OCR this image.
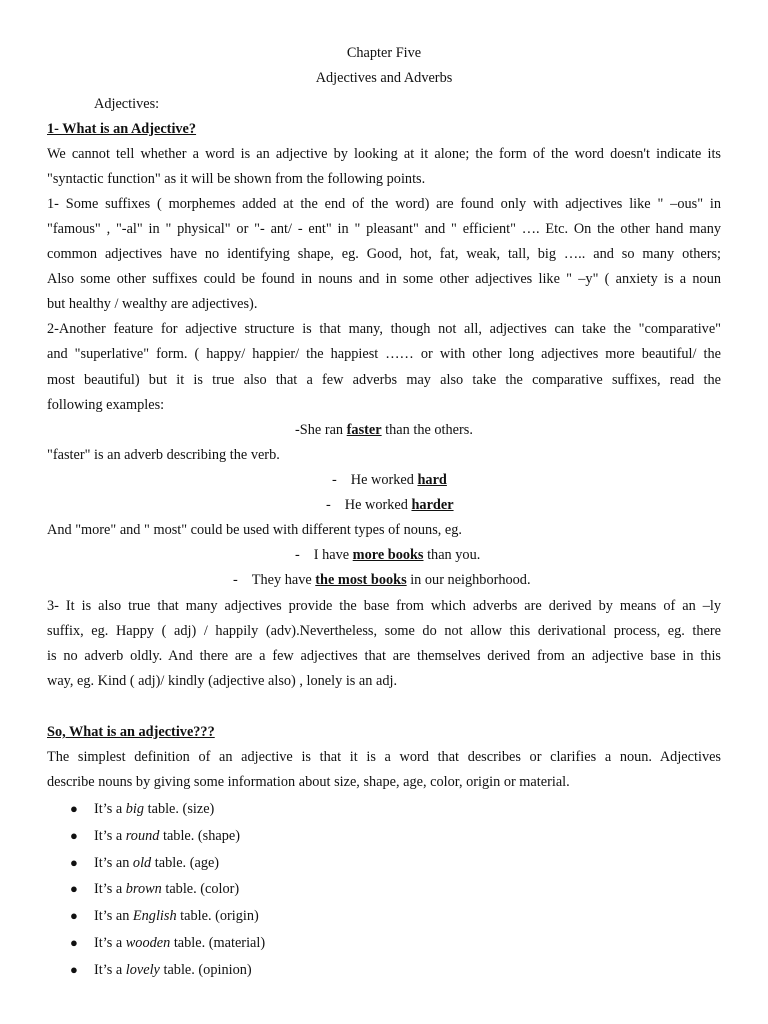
Chapter Five
Adjectives and Adverbs
Adjectives:
1- What is an Adjective?
We cannot tell whether a word is an adjective by looking at it alone; the form of the word doesn't indicate its
"syntactic function" as it will be shown from the following points.
1- Some suffixes ( morphemes added at the end of the word) are found only with adjectives like " –ous" in
"famous" , "-al" in " physical" or "- ant/ - ent" in " pleasant" and " efficient" …. Etc. On the other hand many
common adjectives have no identifying shape, eg. Good, hot, fat, weak, tall, big ….. and so many others;
Also some other suffixes could be found in nouns and in some other adjectives like " –y" ( anxiety is a noun
but healthy / wealthy are adjectives).
2-Another feature for adjective structure is that many, though not all, adjectives can take the "comparative"
and "superlative" form. ( happy/ happier/ the happiest …… or with other long adjectives more beautiful/ the
most beautiful) but it is true also that a few adverbs may also take the comparative suffixes, read the
following examples:
-She ran faster than the others.
"faster" is an adverb describing the verb.
- He worked hard
- He worked harder
And "more" and " most" could be used with different types of nouns, eg.
- I have more books than you.
- They have the most books in our neighborhood.
3- It is also true that many adjectives provide the base from which adverbs are derived by means of an –ly
suffix, eg. Happy ( adj) / happily (adv).Nevertheless, some do not allow this derivational process, eg. there
is no adverb oldly. And there are a few adjectives that are themselves derived from an adjective base in this
way, eg. Kind ( adj)/ kindly (adjective also) , lonely is an adj.
So, What is an adjective???
The simplest definition of an adjective is that it is a word that describes or clarifies a noun. Adjectives
describe nouns by giving some information about size, shape, age, color, origin or material.
● It’s a big table. (size)
● It’s a round table. (shape)
● It’s an old table. (age)
● It’s a brown table. (color)
● It’s an English table. (origin)
● It’s a wooden table. (material)
● It’s a lovely table. (opinion)
